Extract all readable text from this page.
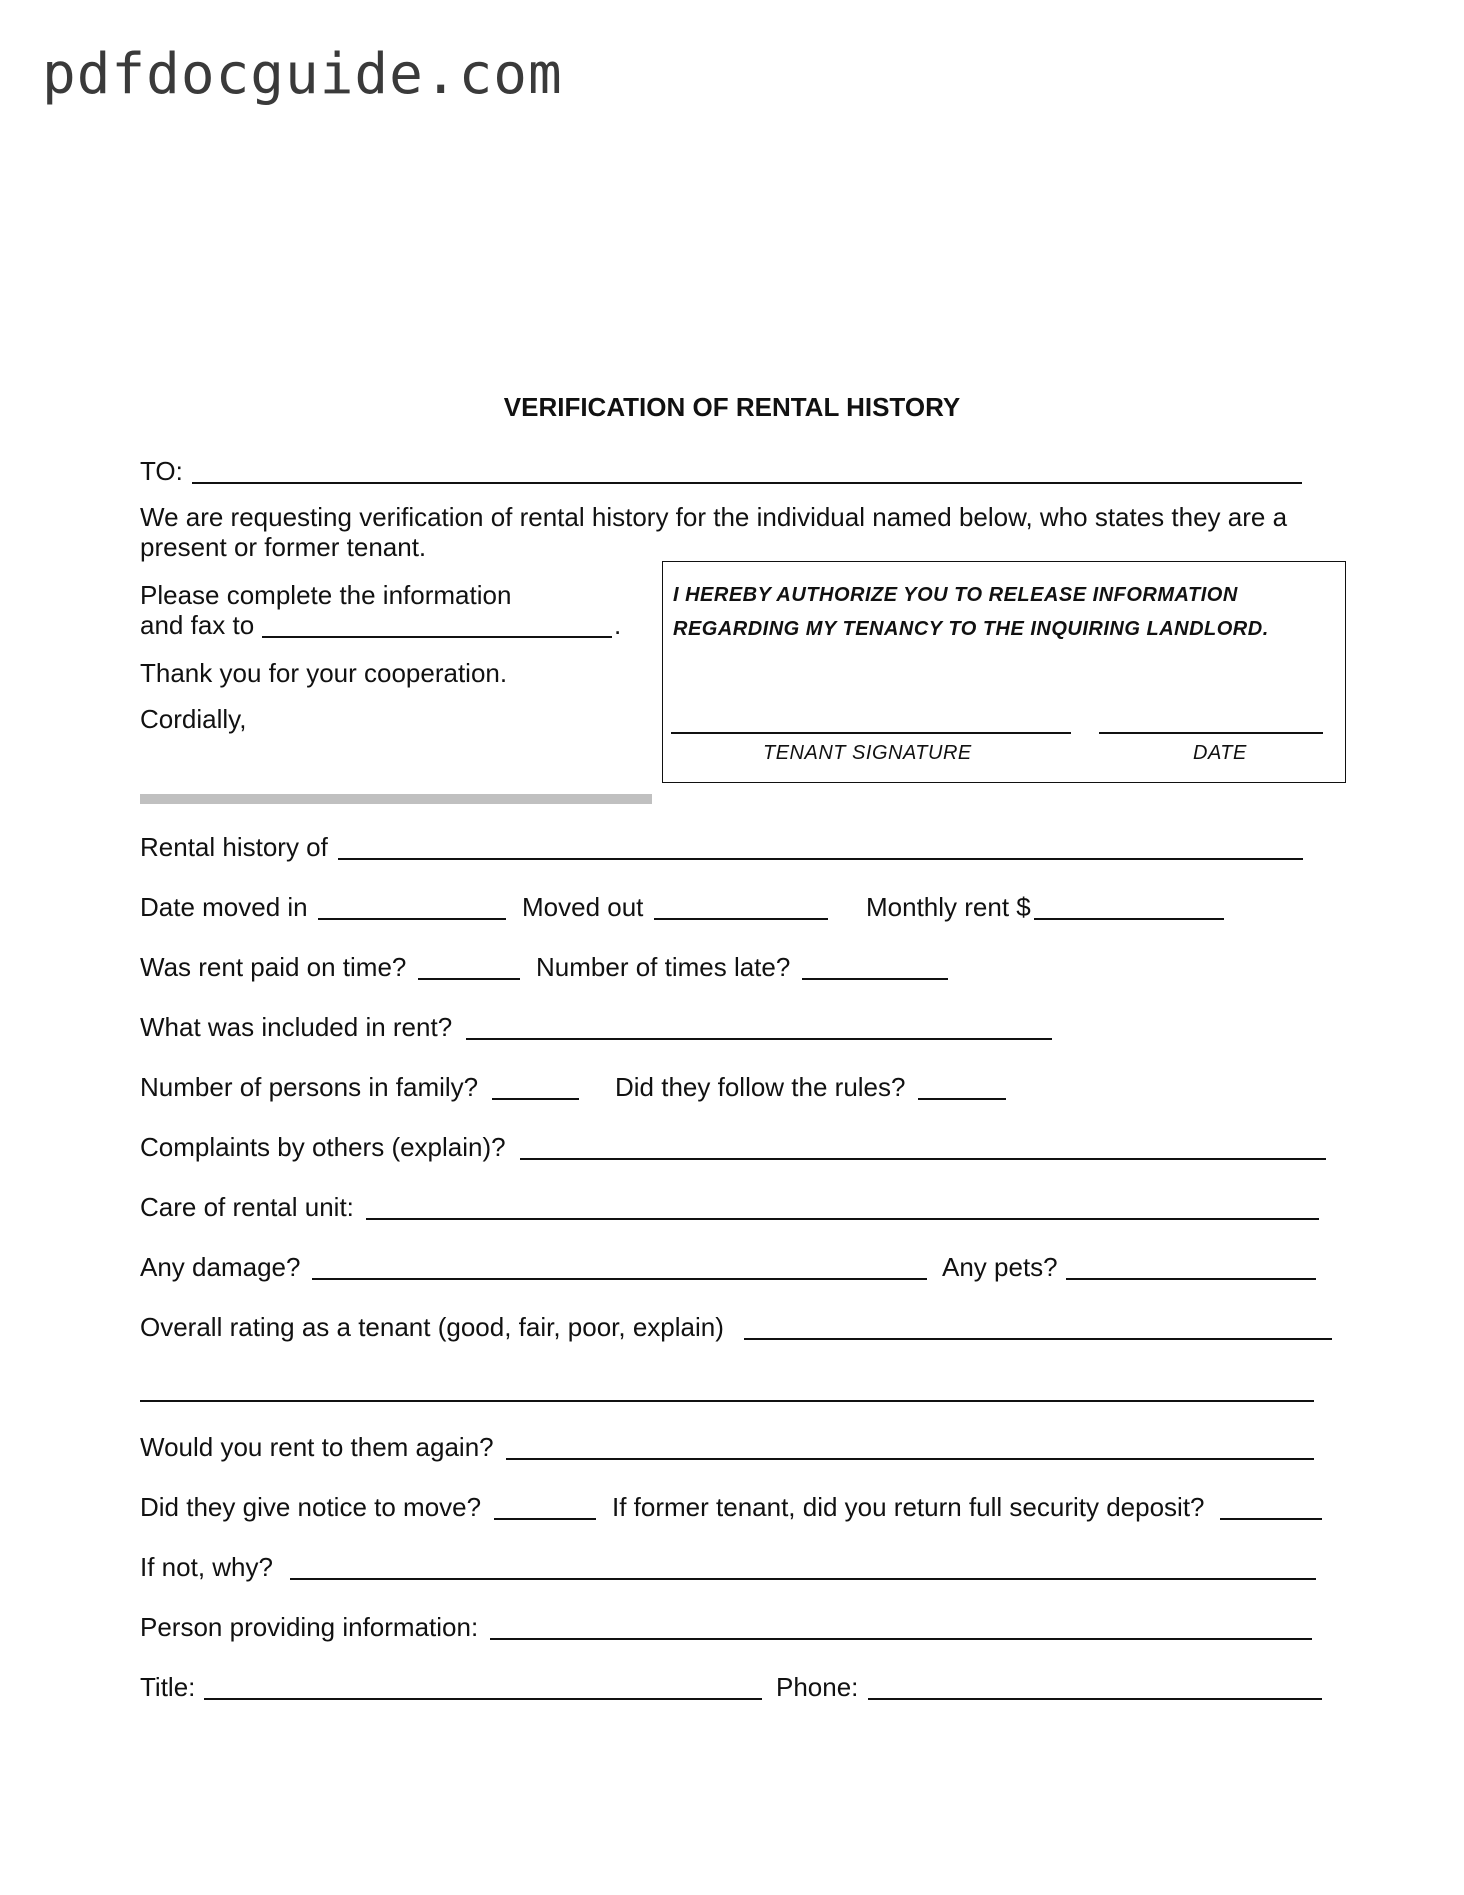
pdfdocguide.com
VERIFICATION OF RENTAL HISTORY
TO:
We are requesting verification of rental history for the individual named below, who states they are a
present or former tenant.
Please complete the information
and fax to	.
Thank you for your cooperation.
Cordially,
I HEREBY AUTHORIZE YOU TO RELEASE INFORMATION
REGARDING MY TENANCY TO THE INQUIRING LANDLORD.
TENANT SIGNATURE	DATE
Rental history of
Date moved in	Moved out	Monthly rent $
Was rent paid on time?	Number of times late?
What was included in rent?
Number of persons in family?	Did they follow the rules?
Complaints by others (explain)?
Care of rental unit:
Any damage?	Any pets?
Overall rating as a tenant (good, fair, poor, explain)
Would you rent to them again?
Did they give notice to move?	If former tenant, did you return full security deposit?
If not, why?
Person providing information:
Title:	Phone:
